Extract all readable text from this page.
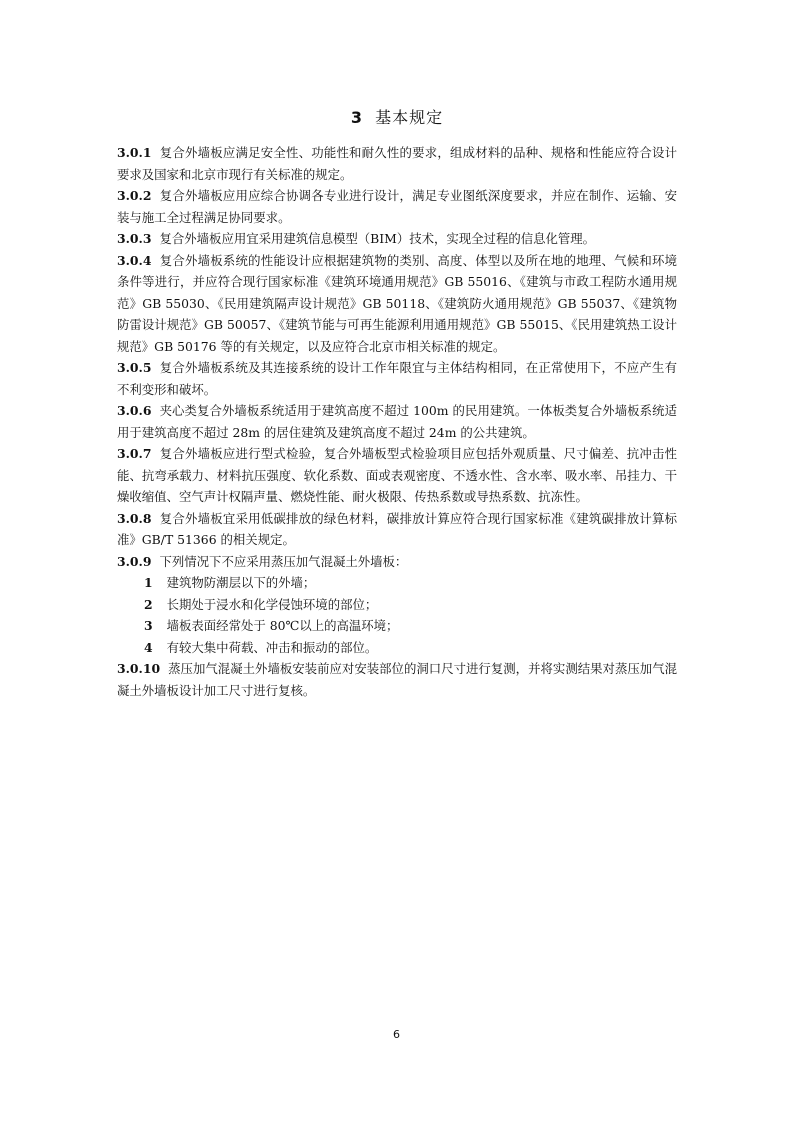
3 基本规定

3.0.1 复合外墙板应满足安全性、功能性和耐久性的要求，组成材料的品种、规格和性能应符合设计要求及国家和北京市现行有关标准的规定。

3.0.2 复合外墙板应用应综合协调各专业进行设计，满足专业图纸深度要求，并应在制作、运输、安装与施工全过程满足协同要求。

3.0.3 复合外墙板应用宜采用建筑信息模型（BIM）技术，实现全过程的信息化管理。

3.0.4 复合外墙板系统的性能设计应根据建筑物的类别、高度、体型以及所在地的地理、气候和环境条件等进行，并应符合现行国家标准《建筑环境通用规范》GB 55016、《建筑与市政工程防水通用规范》GB 55030、《民用建筑隔声设计规范》GB 50118、《建筑防火通用规范》GB 55037、《建筑物防雷设计规范》GB 50057、《建筑节能与可再生能源利用通用规范》GB 55015、《民用建筑热工设计规范》GB 50176 等的有关规定，以及应符合北京市相关标准的规定。

3.0.5 复合外墙板系统及其连接系统的设计工作年限宜与主体结构相同，在正常使用下，不应产生有不利变形和破坏。

3.0.6 夹心类复合外墙板系统适用于建筑高度不超过 100m 的民用建筑。一体板类复合外墙板系统适用于建筑高度不超过 28m 的居住建筑及建筑高度不超过 24m 的公共建筑。

3.0.7 复合外墙板应进行型式检验，复合外墙板型式检验项目应包括外观质量、尺寸偏差、抗冲击性能、抗弯承载力、材料抗压强度、软化系数、面或表观密度、不透水性、含水率、吸水率、吊挂力、干燥收缩值、空气声计权隔声量、燃烧性能、耐火极限、传热系数或导热系数、抗冻性。

3.0.8 复合外墙板宜采用低碳排放的绿色材料，碳排放计算应符合现行国家标准《建筑碳排放计算标准》GB/T 51366 的相关规定。

3.0.9 下列情况下不应采用蒸压加气混凝土外墙板：

1 建筑物防潮层以下的外墙；

2 长期处于浸水和化学侵蚀环境的部位；

3 墙板表面经常处于 80℃以上的高温环境；

4 有较大集中荷载、冲击和振动的部位。

3.0.10 蒸压加气混凝土外墙板安装前应对安装部位的洞口尺寸进行复测，并将实测结果对蒸压加气混凝土外墙板设计加工尺寸进行复核。

6
